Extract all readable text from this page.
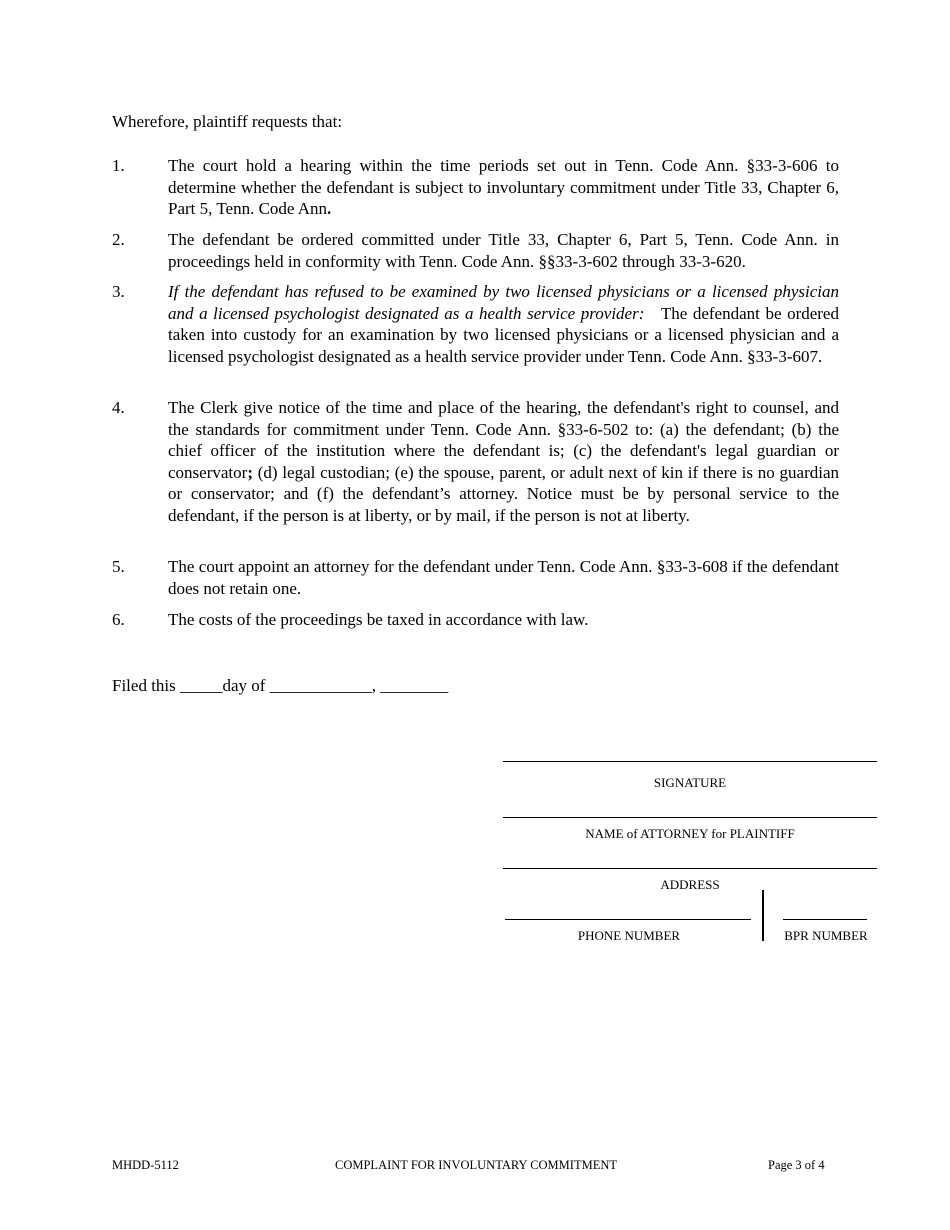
Wherefore, plaintiff requests that:
1.	The court hold a hearing within the time periods set out in Tenn. Code Ann. §33-3-606 to determine whether the defendant is subject to involuntary commitment under Title 33, Chapter 6, Part 5, Tenn. Code Ann.
2.	The defendant be ordered committed under Title 33, Chapter 6, Part 5, Tenn. Code Ann. in proceedings held in conformity with Tenn. Code Ann. §§33-3-602 through 33-3-620.
3.	If the defendant has refused to be examined by two licensed physicians or a licensed physician and a licensed psychologist designated as a health service provider: The defendant be ordered taken into custody for an examination by two licensed physicians or a licensed physician and a licensed psychologist designated as a health service provider under Tenn. Code Ann. §33-3-607.
4.	The Clerk give notice of the time and place of the hearing, the defendant's right to counsel, and the standards for commitment under Tenn. Code Ann. §33-6-502 to: (a) the defendant; (b) the chief officer of the institution where the defendant is; (c) the defendant's legal guardian or conservator; (d) legal custodian; (e) the spouse, parent, or adult next of kin if there is no guardian or conservator; and (f) the defendant’s attorney. Notice must be by personal service to the defendant, if the person is at liberty, or by mail, if the person is not at liberty.
5.	The court appoint an attorney for the defendant under Tenn. Code Ann. §33-3-608 if the defendant does not retain one.
6.	The costs of the proceedings be taxed in accordance with law.
Filed this _____day of ____________, ________
SIGNATURE
NAME of ATTORNEY for PLAINTIFF
ADDRESS
PHONE NUMBER	BPR NUMBER
MHDD-5112	COMPLAINT FOR INVOLUNTARY COMMITMENT	Page 3 of 4
